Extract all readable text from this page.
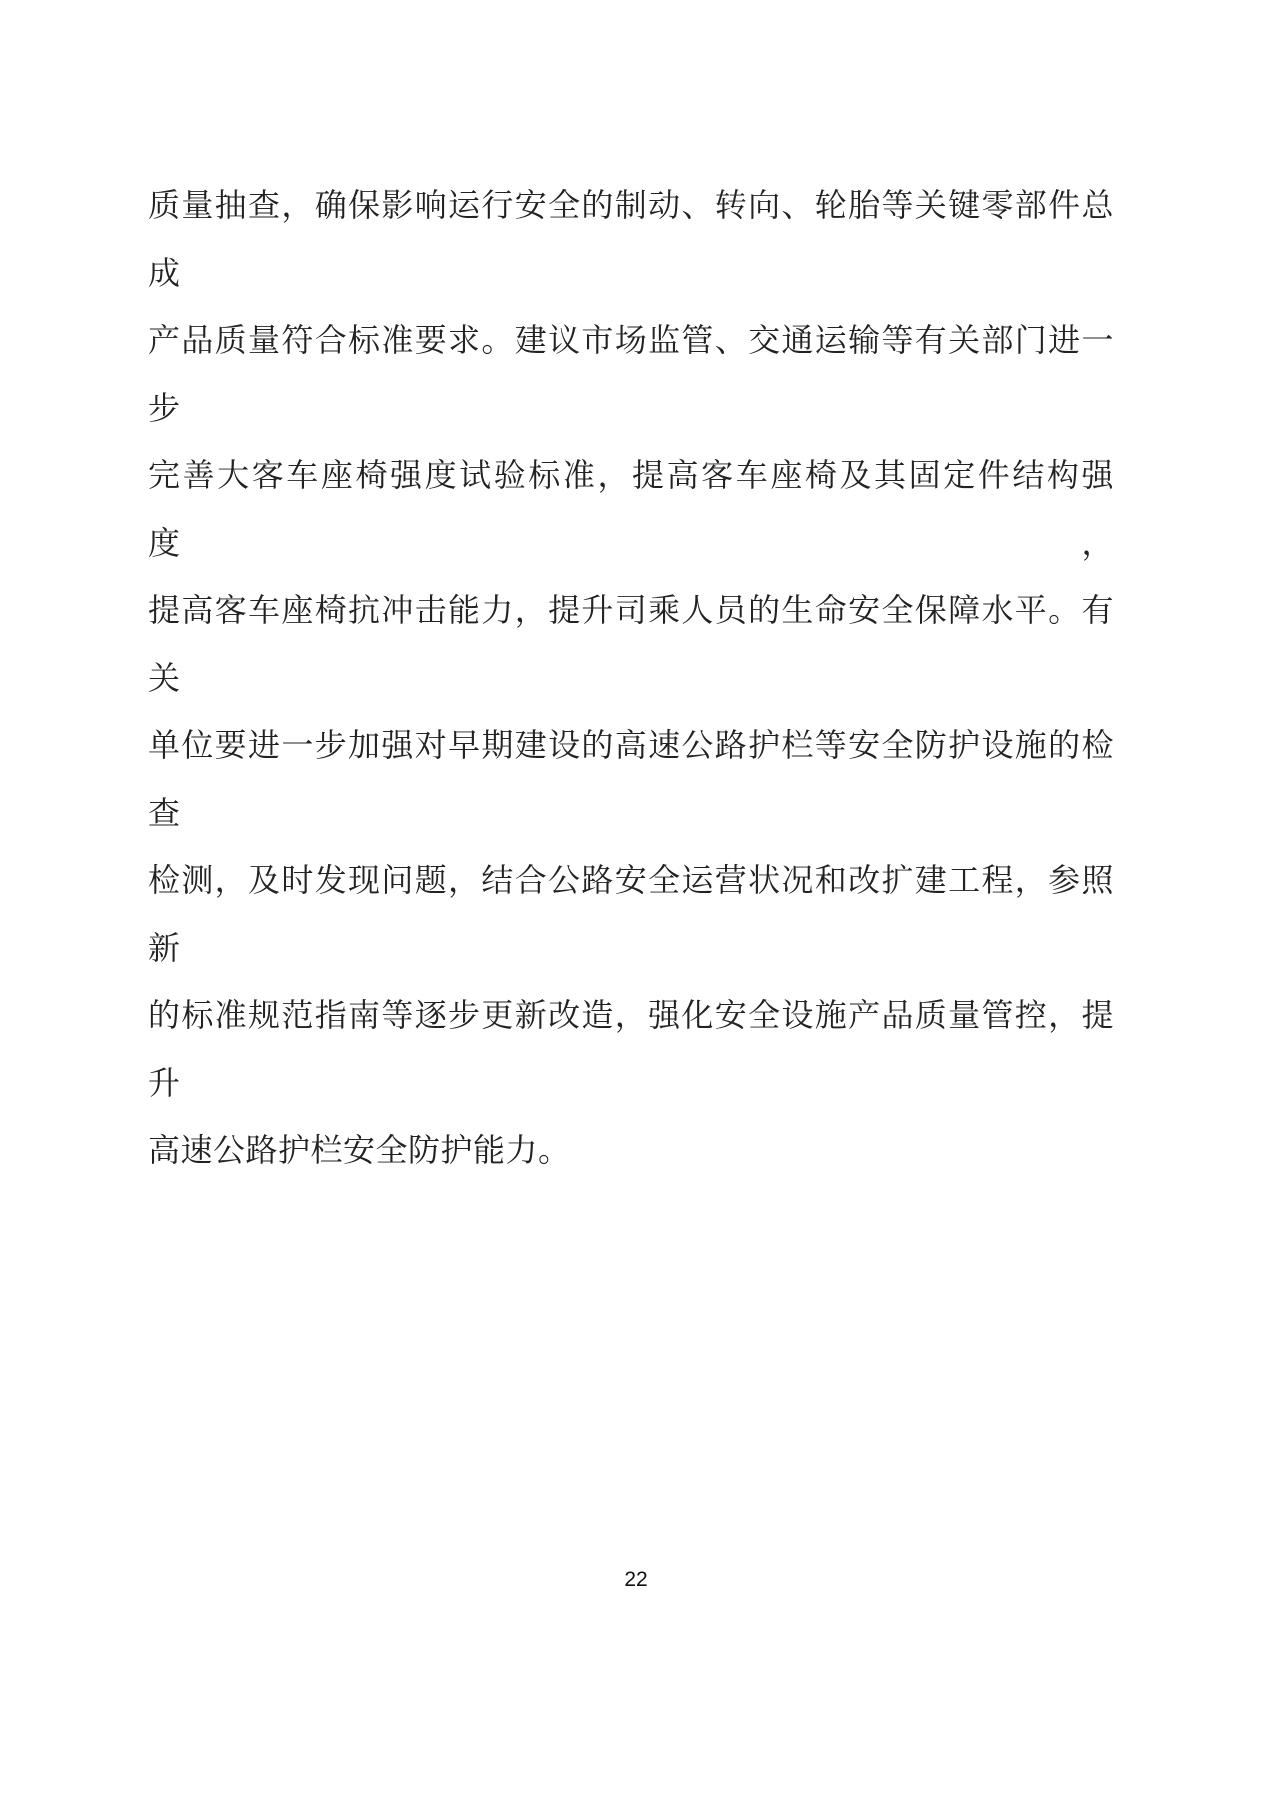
质量抽查，确保影响运行安全的制动、转向、轮胎等关键零部件总成
产品质量符合标准要求。建议市场监管、交通运输等有关部门进一步
完善大客车座椅强度试验标准，提高客车座椅及其固定件结构强度，
提高客车座椅抗冲击能力，提升司乘人员的生命安全保障水平。有关
单位要进一步加强对早期建设的高速公路护栏等安全防护设施的检查
检测，及时发现问题，结合公路安全运营状况和改扩建工程，参照新
的标准规范指南等逐步更新改造，强化安全设施产品质量管控，提升
高速公路护栏安全防护能力。
22
